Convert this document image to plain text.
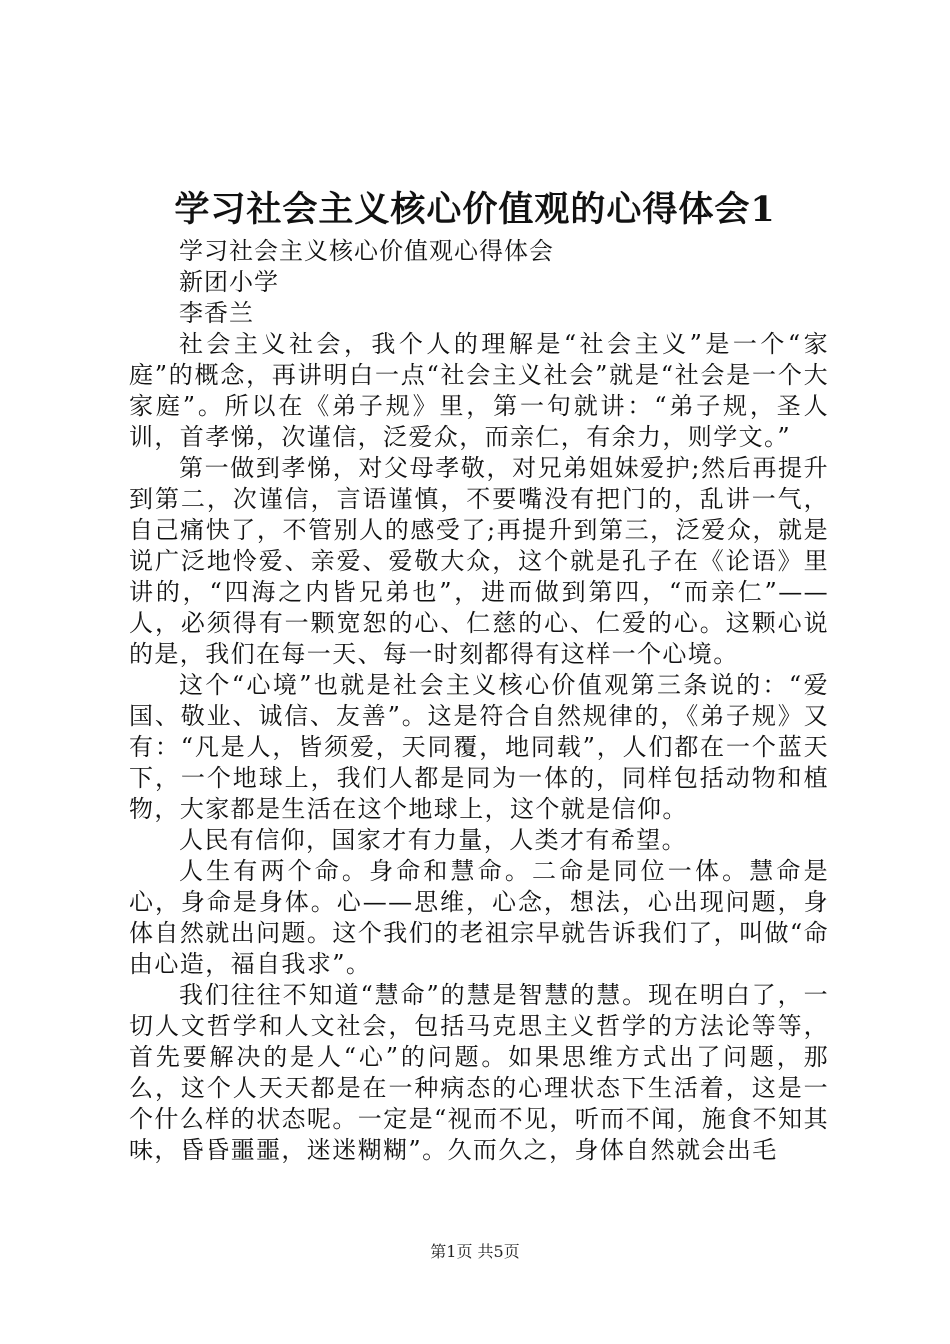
学习社会主义核心价值观的心得体会1
学习社会主义核心价值观心得体会
新团小学
李香兰

社会主义社会，我个人的理解是“社会主义”是一个“家庭”的概念，再讲明白一点“社会主义社会”就是“社会是一个大家庭”。所以在《弟子规》里，第一句就讲：“弟子规，圣人训，首孝悌，次谨信，泛爱众，而亲仁，有余力，则学文。”

第一做到孝悌，对父母孝敬，对兄弟姐妹爱护;然后再提升到第二，次谨信，言语谨慎，不要嘴没有把门的，乱讲一气，自己痛快了，不管别人的感受了;再提升到第三，泛爱众，就是说广泛地怜爱、亲爱、爱敬大众，这个就是孔子在《论语》里讲的，“四海之内皆兄弟也”，进而做到第四，“而亲仁”——人，必须得有一颗宽恕的心、仁慈的心、仁爱的心。这颗心说的是，我们在每一天、每一时刻都得有这样一个心境。

这个“心境”也就是社会主义核心价值观第三条说的：“爱国、敬业、诚信、友善”。这是符合自然规律的，《弟子规》又有：“凡是人，皆须爱，天同覆，地同载”，人们都在一个蓝天下，一个地球上，我们人都是同为一体的，同样包括动物和植物，大家都是生活在这个地球上，这个就是信仰。

人民有信仰，国家才有力量，人类才有希望。

人生有两个命。身命和慧命。二命是同位一体。慧命是心，身命是身体。心——思维，心念，想法，心出现问题，身体自然就出问题。这个我们的老祖宗早就告诉我们了，叫做“命由心造，福自我求”。

我们往往不知道“慧命”的慧是智慧的慧。现在明白了，一切人文哲学和人文社会，包括马克思主义哲学的方法论等等，首先要解决的是人“心”的问题。如果思维方式出了问题，那么，这个人天天都是在一种病态的心理状态下生活着，这是一个什么样的状态呢。一定是“视而不见，听而不闻，施食不知其味，昏昏噩噩，迷迷糊糊”。久而久之，身体自然就会出毛

第1页 共5页
